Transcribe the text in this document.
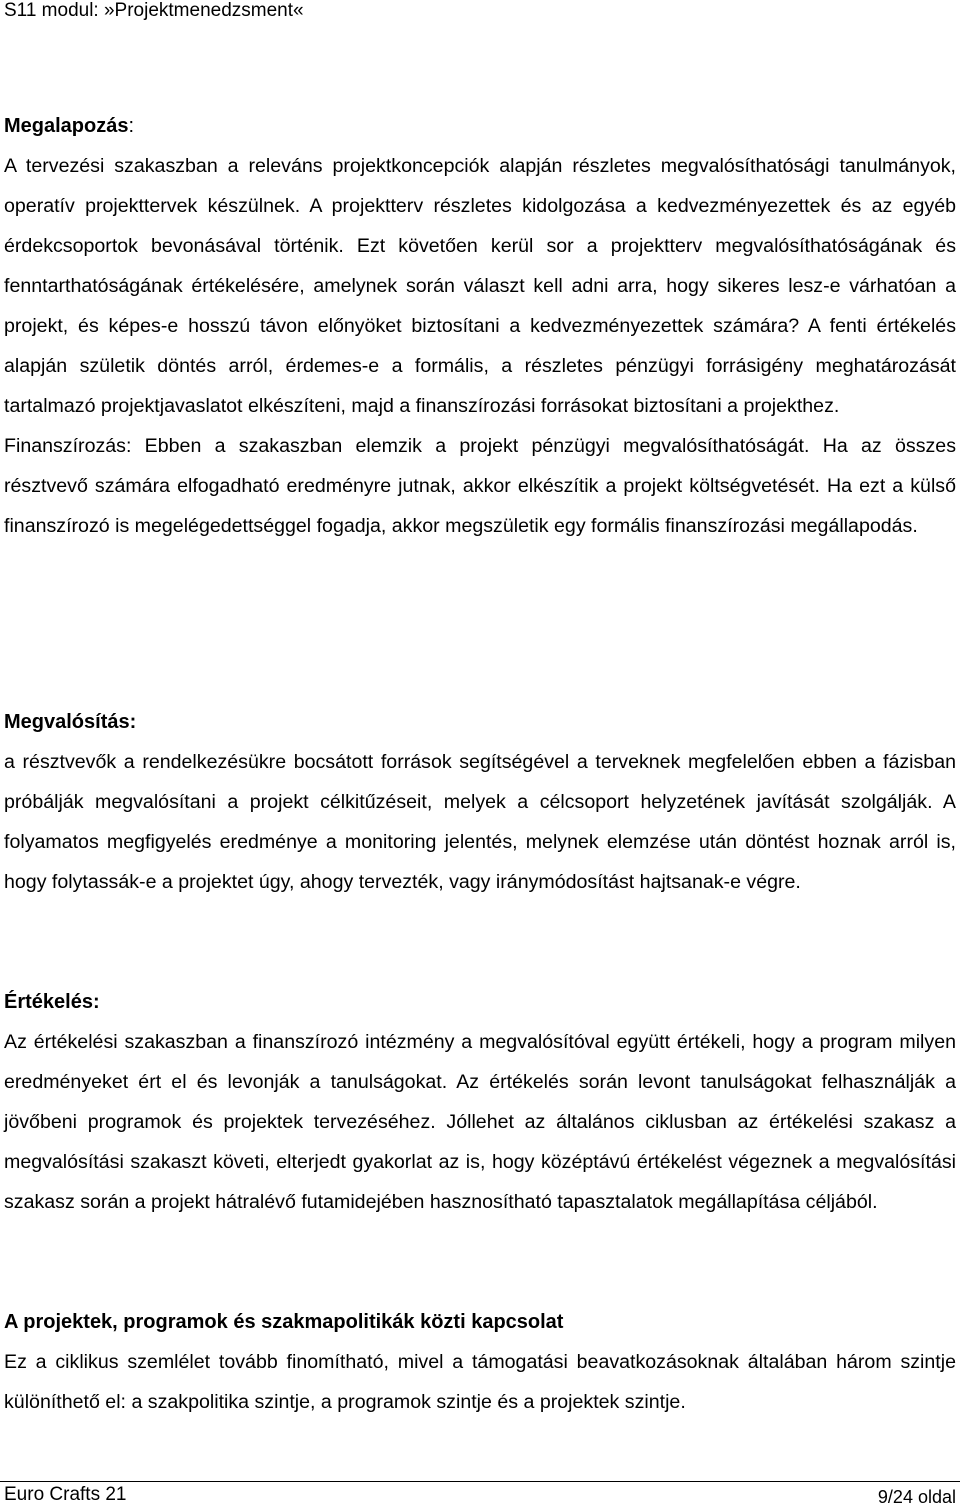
S11 modul: »Projektmenedzsment«
Megalapozás:

A tervezési szakaszban a releváns projektkoncepciók alapján részletes megvalósíthatósági tanulmányok, operatív projekttervek készülnek. A projektterv részletes kidolgozása a kedvezményezettek és az egyéb érdekcsoportok bevonásával történik. Ezt követően kerül sor a projektterv megvalósíthatóságának és fenntarthatóságának értékelésére, amelynek során választ kell adni arra, hogy sikeres lesz-e várhatóan a projekt, és képes-e hosszú távon előnyöket biztosítani a kedvezményezettek számára? A fenti értékelés alapján születik döntés arról, érdemes-e a formális, a részletes pénzügyi forrásigény meghatározását tartalmazó projektjavaslatot elkészíteni, majd a finanszírozási forrásokat biztosítani a projekthez.

Finanszírozás: Ebben a szakaszban elemzik a projekt pénzügyi megvalósíthatóságát. Ha az összes résztvevő számára elfogadható eredményre jutnak, akkor elkészítik a projekt költségvetését. Ha ezt a külső finanszírozó is megelégedettséggel fogadja, akkor megszületik egy formális finanszírozási megállapodás.

Megvalósítás:

a résztvevők a rendelkezésükre bocsátott források segítségével a terveknek megfelelően ebben a fázisban próbálják megvalósítani a projekt célkitűzéseit, melyek a célcsoport helyzetének javítását szolgálják. A folyamatos megfigyelés eredménye a monitoring jelentés, melynek elemzése után döntést hoznak arról is, hogy folytassák-e a projektet úgy, ahogy tervezték, vagy iránymódosítást hajtsanak-e végre.

Értékelés:

Az értékelési szakaszban a finanszírozó intézmény a megvalósítóval együtt értékeli, hogy a program milyen eredményeket ért el és levonják a tanulságokat. Az értékelés során levont tanulságokat felhasználják a jövőbeni programok és projektek tervezéséhez. Jóllehet az általános ciklusban az értékelési szakasz a megvalósítási szakaszt követi, elterjedt gyakorlat az is, hogy középtávú értékelést végeznek a megvalósítási szakasz során a projekt hátralévő futamidejében hasznosítható tapasztalatok megállapítása céljából.

A projektek, programok és szakmapolitikák közti kapcsolat

Ez a ciklikus szemlélet tovább finomítható, mivel a támogatási beavatkozásoknak általában három szintje különíthető el: a szakpolitika szintje, a programok szintje és a projektek szintje.

Euro Crafts 21	9/24 oldal
